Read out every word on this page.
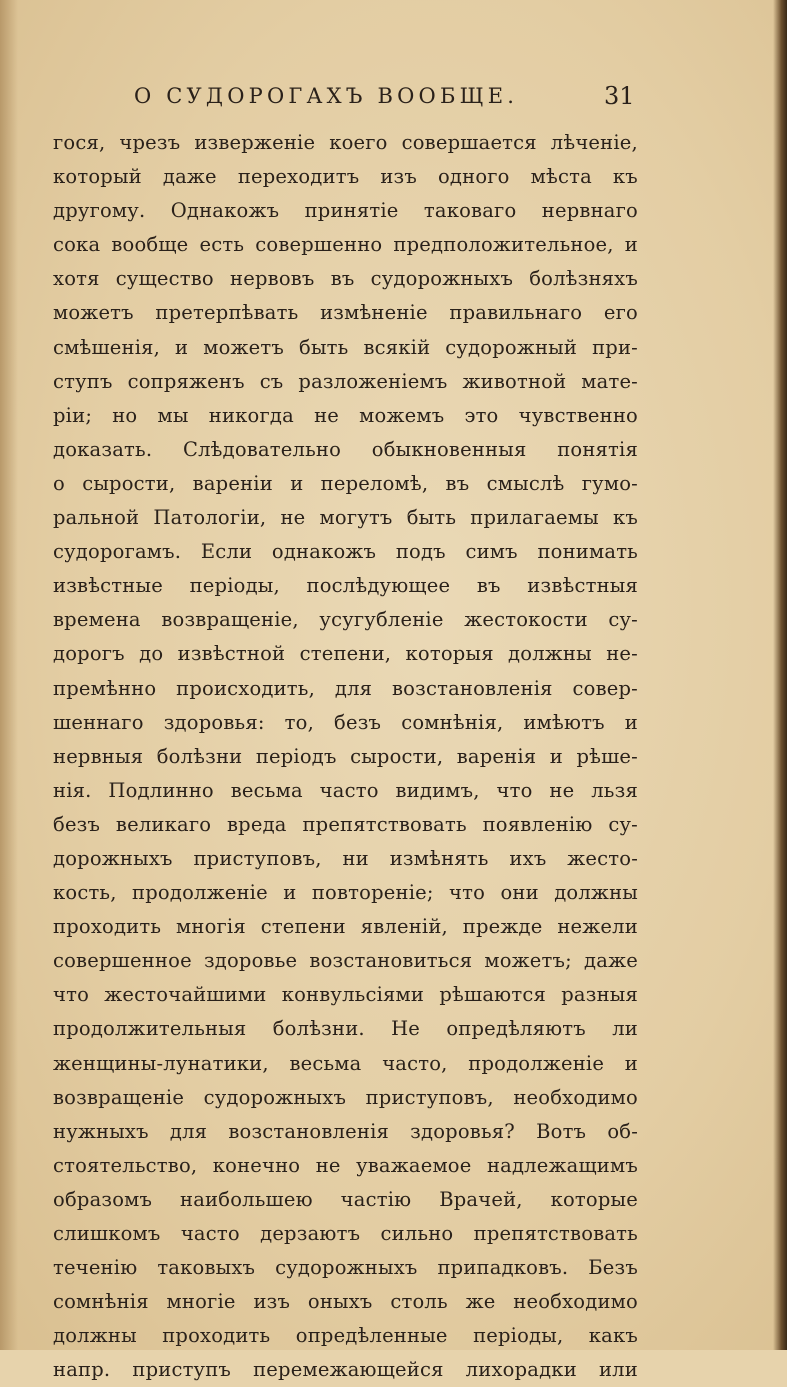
О СУДОРОГАХЪ ВООБЩЕ.	31
гося, чрезъ изверженіе коего совершается лѣченіе,
который даже переходитъ изъ одного мѣста къ
другому. Однакожъ принятіе таковаго нервнаго
сока вообще есть совершенно предположительное, и
хотя существо нервовъ въ судорожныхъ болѣзняхъ
можетъ претерпѣвать измѣненіе правильнаго его
смѣшенія, и можетъ быть всякій судорожный при-
ступъ сопряженъ съ разложеніемъ животной мате-
ріи; но мы никогда не можемъ это чувственно
доказать. Слѣдовательно обыкновенныя понятія
о сырости, вареніи и переломѣ, въ смыслѣ гумо-
ральной Патологіи, не могутъ быть прилагаемы къ
судорогамъ. Если однакожъ подъ симъ понимать
извѣстные періоды, послѣдующее въ извѣстныя
времена возвращеніе, усугубленіе жестокости су-
дорогъ до извѣстной степени, которыя должны не-
премѣнно происходить, для возстановленія совер-
шеннаго здоровья: то, безъ сомнѣнія, имѣютъ и
нервныя болѣзни періодъ сырости, варенія и рѣше-
нія. Подлинно весьма часто видимъ, что не льзя
безъ великаго вреда препятствовать появленію су-
дорожныхъ приступовъ, ни измѣнять ихъ жесто-
кость, продолженіе и повтореніе; что они должны
проходить многія степени явленій, прежде нежели
совершенное здоровье возстановиться можетъ; даже
что жесточайшими конвульсіями рѣшаются разныя
продолжительныя болѣзни. Не опредѣляютъ ли
женщины-лунатики, весьма часто, продолженіе и
возвращеніе судорожныхъ приступовъ, необходимо
нужныхъ для возстановленія здоровья? Вотъ об-
стоятельство, конечно не уважаемое надлежащимъ
образомъ наибольшею частію Врачей, которые
слишкомъ часто дерзаютъ сильно препятствовать
теченію таковыхъ судорожныхъ припадковъ. Безъ
сомнѣнія многіе изъ оныхъ столь же необходимо
должны проходить опредѣленные періоды, какъ
напр. приступъ перемежающейся лихорадки или
